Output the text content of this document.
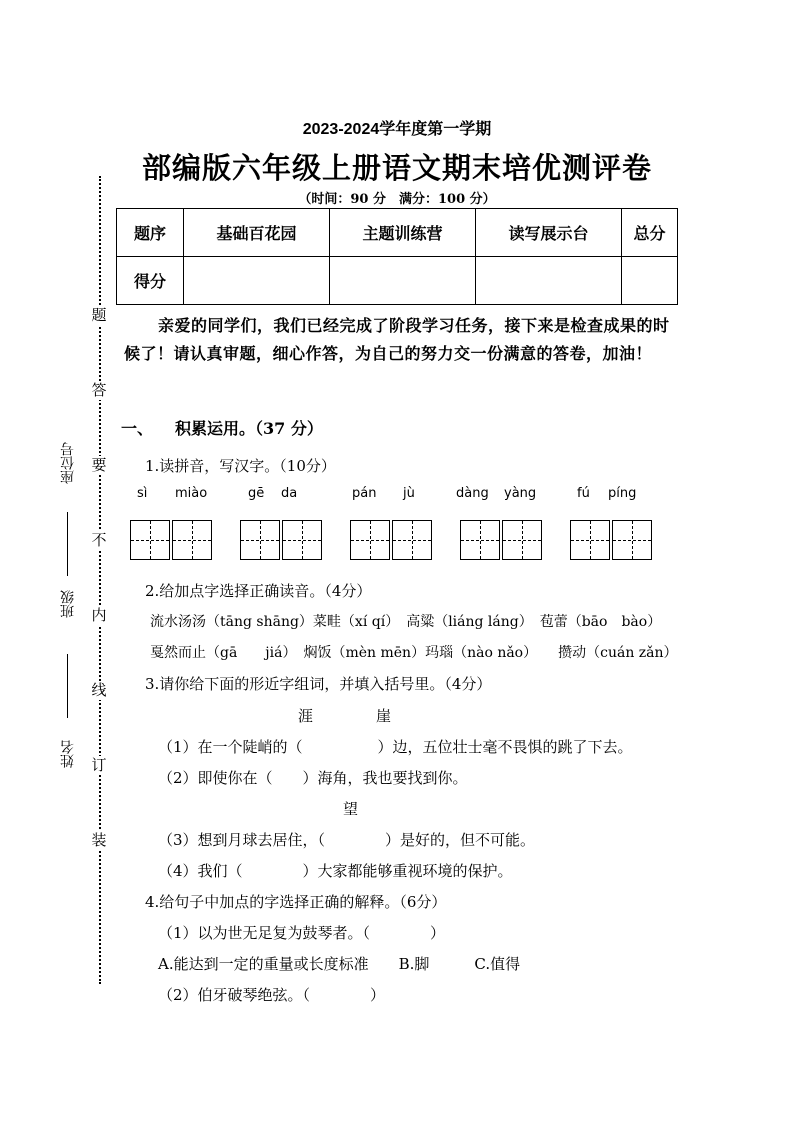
题
答
要
不
内
线
订
装
座位号
班级
姓名
2023-2024学年度第一学期
部编版六年级上册语文期末培优测评卷
（时间：90 分　满分：100 分）
题序	基础百花园	主题训练营	读写展示台	总分
得分				
亲爱的同学们，我们已经完成了阶段学习任务，接下来是检查成果的时候了！请认真审题，细心作答，为自己的努力交一份满意的答卷，加油！
一、 积累运用。（37 分）
1.读拼音，写汉字。（10分）
sì miào	gē da	pán jù	dàng yàng	fú píng
2.给加点字选择正确读音。（4分）
流水汤汤（tāng shāng）菜畦（xí qí）　高粱（liáng láng）　苞蕾（bāo　bào）
戛然而止（gā　　jiá）　焖饭（mèn mēn）玛瑙（nào nǎo）　　攒动（cuán zǎn）
3.请你给下面的形近字组词，并填入括号里。（4分）
涯	崖
（1）在一个陡峭的（　　　　　）边，五位壮士毫不畏惧的跳了下去。
（2）即使你在（　　）海角，我也要找到你。
望
（3）想到月球去居住，（　　　　）是好的，但不可能。
（4）我们（　　　　）大家都能够重视环境的保护。
4.给句子中加点的字选择正确的解释。（6分）
（1）以为世无足复为鼓琴者。（　　　　）
A.能达到一定的重量或长度标准　　B.脚　　　C.值得
（2）伯牙破琴绝弦。（　　　　）
